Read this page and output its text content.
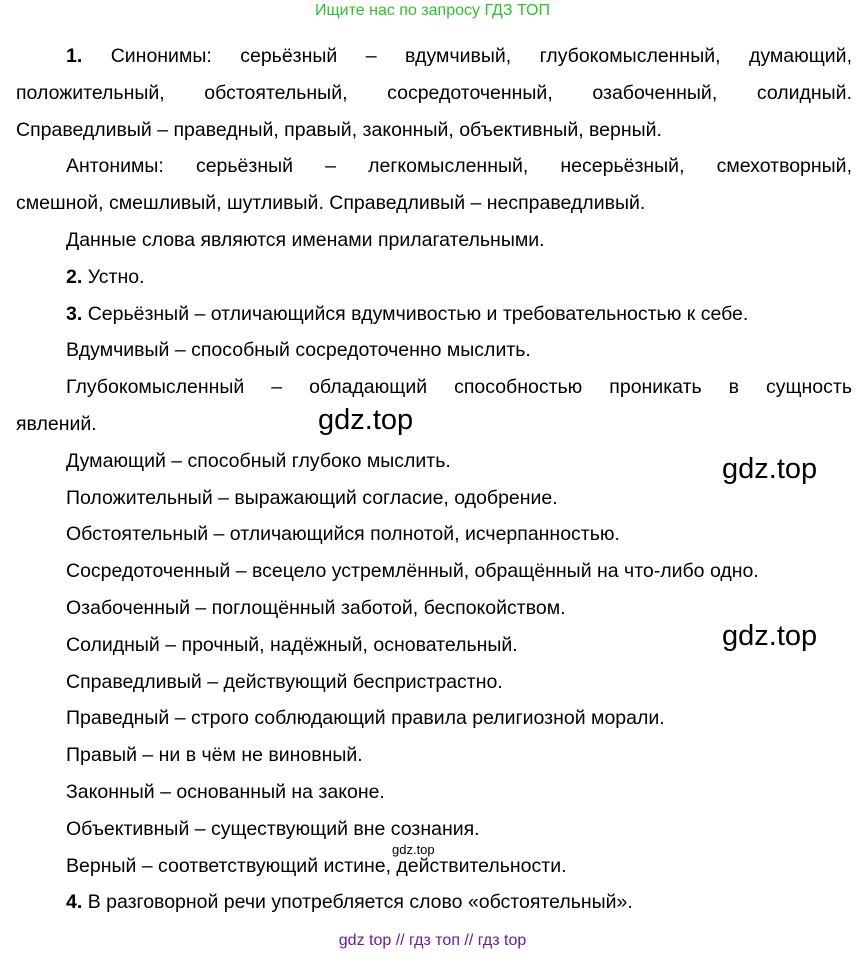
Ищите нас по запросу ГДЗ ТОП

1. Синонимы: серьёзный – вдумчивый, глубокомысленный, думающий,

положительный, обстоятельный, сосредоточенный, озабоченный, солидный.

Справедливый – праведный, правый, законный, объективный, верный.

Антонимы: серьёзный – легкомысленный, несерьёзный, смехотворный,

смешной, смешливый, шутливый. Справедливый – несправедливый.

Данные слова являются именами прилагательными.

2. Устно.

3. Серьёзный – отличающийся вдумчивостью и требовательностью к себе.

Вдумчивый – способный сосредоточенно мыслить.

Глубокомысленный – обладающий способностью проникать в сущность

явлений.

Думающий – способный глубоко мыслить.

Положительный – выражающий согласие, одобрение.

Обстоятельный – отличающийся полнотой, исчерпанностью.

Сосредоточенный – всецело устремлённый, обращённый на что-либо одно.

Озабоченный – поглощённый заботой, беспокойством.

Солидный – прочный, надёжный, основательный.

Справедливый – действующий беспристрастно.

Праведный – строго соблюдающий правила религиозной морали.

Правый – ни в чём не виновный.

Законный – основанный на законе.

Объективный – существующий вне сознания.

Верный – соответствующий истине, действительности.

4. В разговорной речи употребляется слово «обстоятельный».

gdz.top
gdz.top
gdz.top
gdz.top
gdz top // гдз топ // гдз top
